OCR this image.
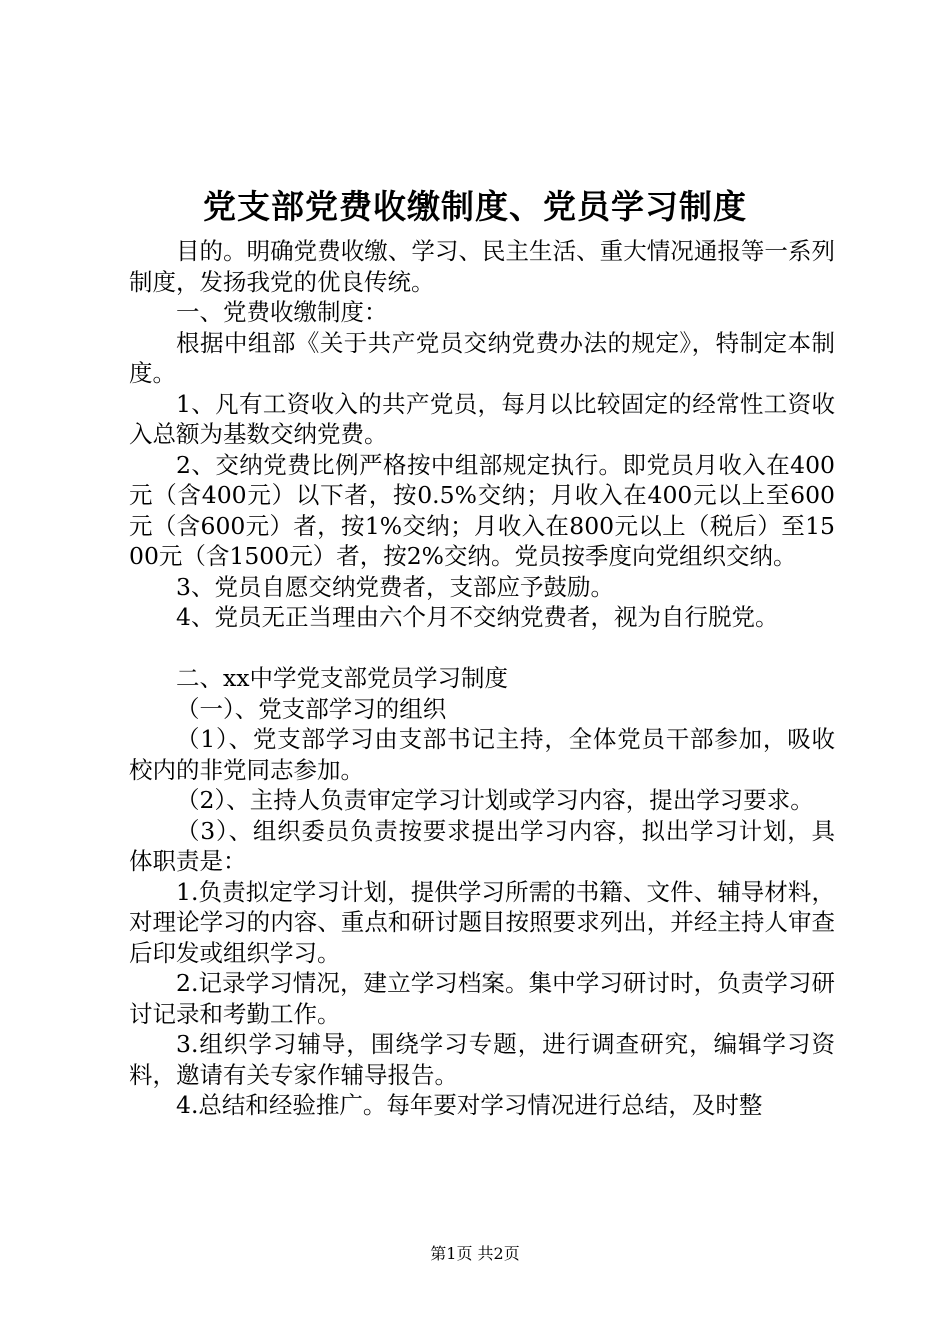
党支部党费收缴制度、党员学习制度

目的。明确党费收缴、学习、民主生活、重大情况通报等一系列制度，发扬我党的优良传统。

一、党费收缴制度：

根据中组部《关于共产党员交纳党费办法的规定》，特制定本制度。

1、凡有工资收入的共产党员，每月以比较固定的经常性工资收入总额为基数交纳党费。

2、交纳党费比例严格按中组部规定执行。即党员月收入在400元（含400元）以下者，按0.5%交纳；月收入在400元以上至600元（含600元）者，按1%交纳；月收入在800元以上（税后）至1500元（含1500元）者，按2%交纳。党员按季度向党组织交纳。

3、党员自愿交纳党费者，支部应予鼓励。

4、党员无正当理由六个月不交纳党费者，视为自行脱党。

二、xx中学党支部党员学习制度

（一）、党支部学习的组织

（1）、党支部学习由支部书记主持，全体党员干部参加，吸收校内的非党同志参加。

（2）、主持人负责审定学习计划或学习内容，提出学习要求。

（3）、组织委员负责按要求提出学习内容，拟出学习计划，具体职责是：

1.负责拟定学习计划，提供学习所需的书籍、文件、辅导材料，对理论学习的内容、重点和研讨题目按照要求列出，并经主持人审查后印发或组织学习。

2.记录学习情况，建立学习档案。集中学习研讨时，负责学习研讨记录和考勤工作。

3.组织学习辅导，围绕学习专题，进行调查研究，编辑学习资料，邀请有关专家作辅导报告。

4.总结和经验推广。每年要对学习情况进行总结，及时整

第1页 共2页
